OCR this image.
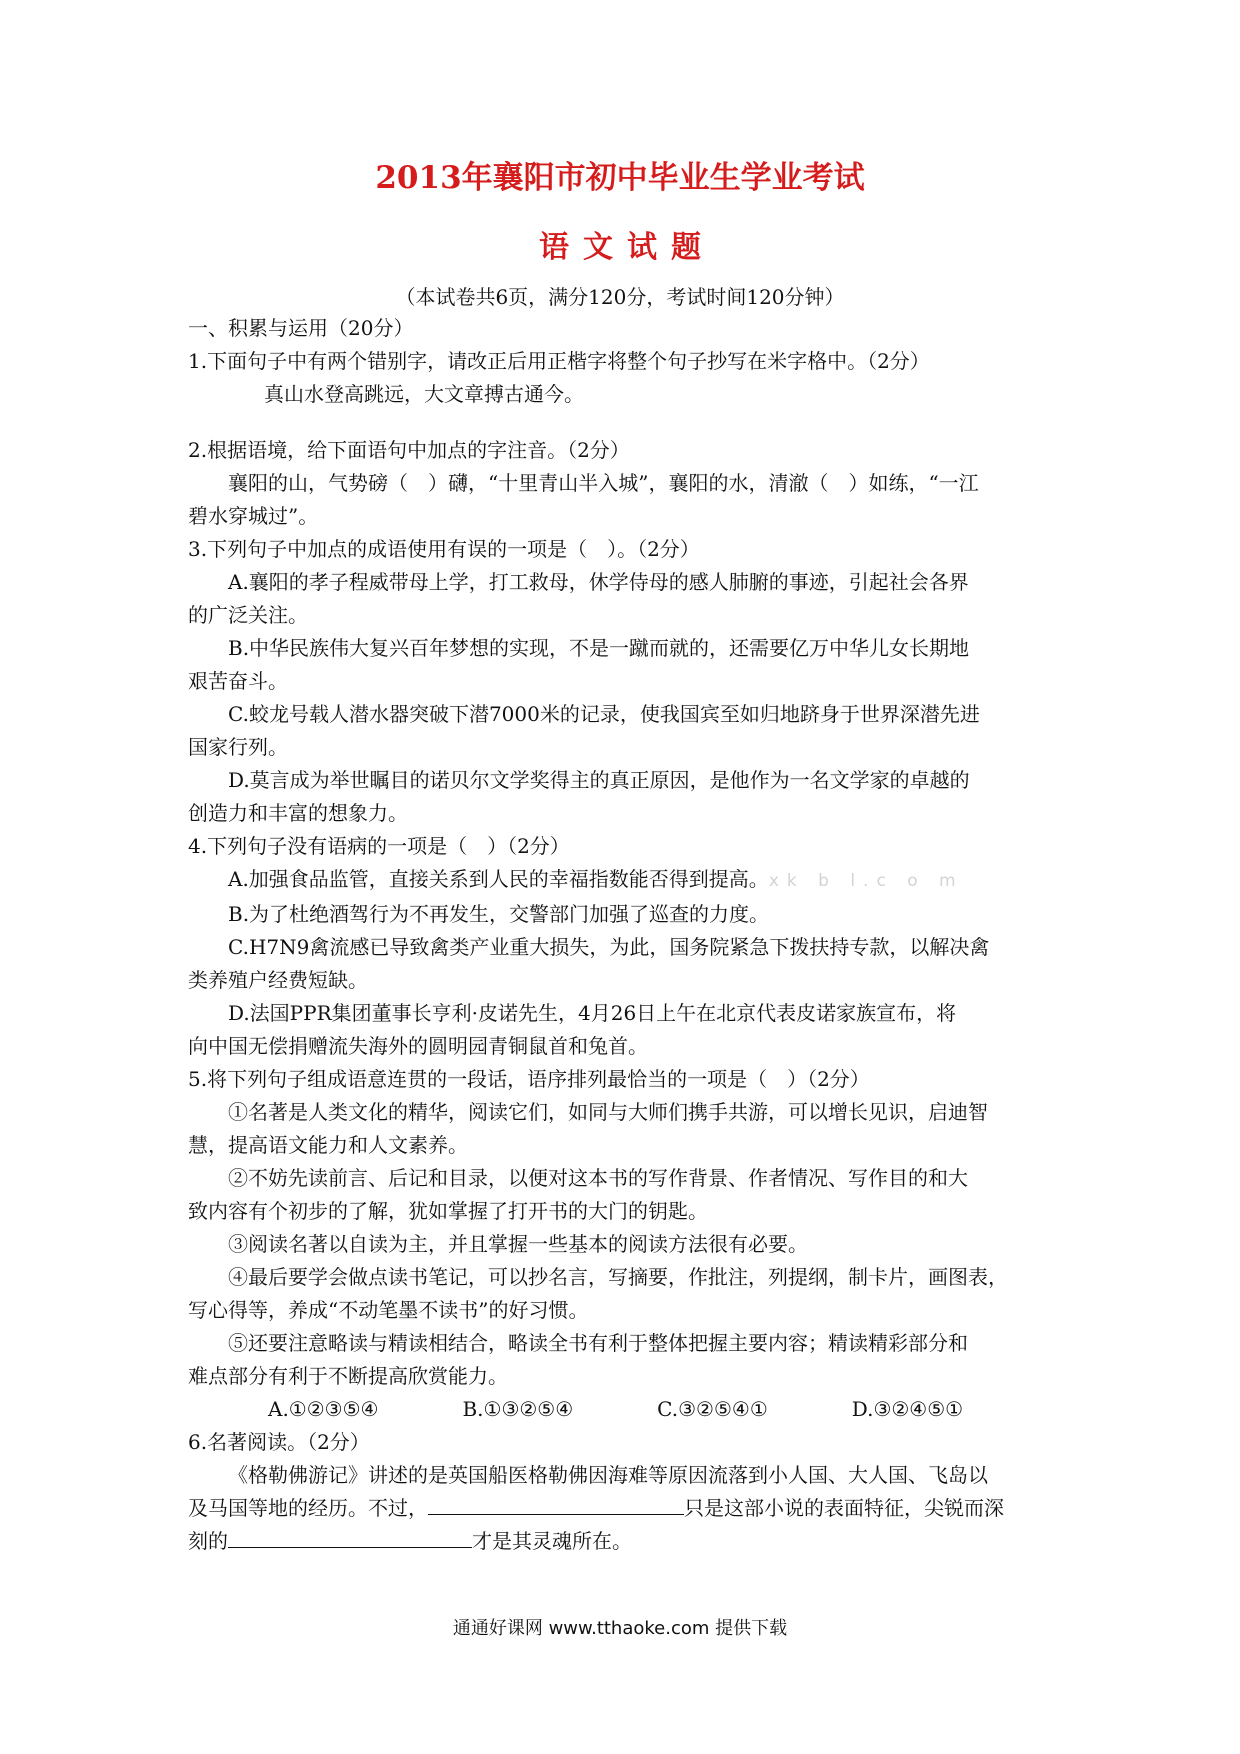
2013年襄阳市初中毕业生学业考试
语文试题
（本试卷共6页，满分120分，考试时间120分钟）

一、积累与运用（20分）

1.下面句子中有两个错别字，请改正后用正楷字将整个句子抄写在米字格中。（2分）

真山水登高跳远，大文章搏古通今。

2.根据语境，给下面语句中加点的字注音。（2分）

襄阳的山，气势磅（　）礴，“十里青山半入城”，襄阳的水，清澈（　）如练，“一江

碧水穿城过”。

3.下列句子中加点的成语使用有误的一项是（　）。（2分）

A.襄阳的孝子程威带母上学，打工救母，休学侍母的感人肺腑的事迹，引起社会各界

的广泛关注。

B.中华民族伟大复兴百年梦想的实现，不是一蹴而就的，还需要亿万中华儿女长期地

艰苦奋斗。

C.蛟龙号载人潜水器突破下潜7000米的记录，使我国宾至如归地跻身于世界深潜先进

国家行列。

D.莫言成为举世瞩目的诺贝尔文学奖得主的真正原因，是他作为一名文学家的卓越的

创造力和丰富的想象力。

4.下列句子没有语病的一项是（　）（2分）

A.加强食品监管，直接关系到人民的幸福指数能否得到提高。xk b l.c o m

B.为了杜绝酒驾行为不再发生，交警部门加强了巡查的力度。

C.H7N9禽流感已导致禽类产业重大损失，为此，国务院紧急下拨扶持专款，以解决禽

类养殖户经费短缺。

D.法国PPR集团董事长亨利·皮诺先生，4月26日上午在北京代表皮诺家族宣布，将

向中国无偿捐赠流失海外的圆明园青铜鼠首和兔首。

5.将下列句子组成语意连贯的一段话，语序排列最恰当的一项是（　）（2分）

①名著是人类文化的精华，阅读它们，如同与大师们携手共游，可以增长见识，启迪智

慧，提高语文能力和人文素养。

②不妨先读前言、后记和目录，以便对这本书的写作背景、作者情况、写作目的和大

致内容有个初步的了解，犹如掌握了打开书的大门的钥匙。

③阅读名著以自读为主，并且掌握一些基本的阅读方法很有必要。

④最后要学会做点读书笔记，可以抄名言，写摘要，作批注，列提纲，制卡片，画图表，

写心得等，养成“不动笔墨不读书”的好习惯。

⑤还要注意略读与精读相结合，略读全书有利于整体把握主要内容；精读精彩部分和

难点部分有利于不断提高欣赏能力。

A.①②③⑤④	B.①③②⑤④	C.③②⑤④①	D.③②④⑤①

6.名著阅读。（2分）

《格勒佛游记》讲述的是英国船医格勒佛因海难等原因流落到小人国、大人国、飞岛以

及马国等地的经历。不过，	只是这部小说的表面特征，尖锐而深

刻的	才是其灵魂所在。

通通好课网 www.tthaoke.com 提供下载
